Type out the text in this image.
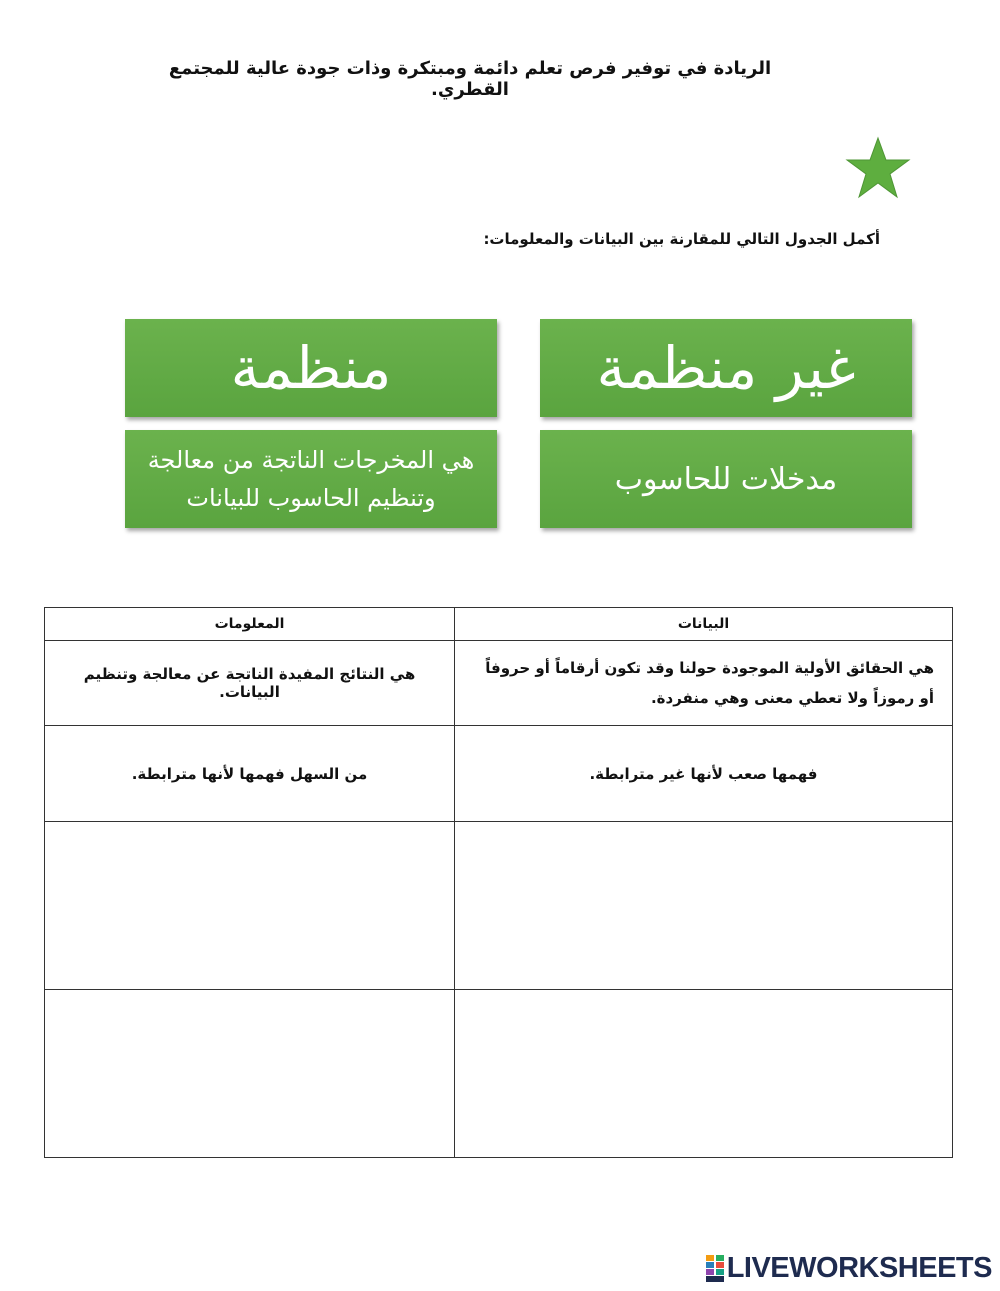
الريادة في توفير فرص تعلم دائمة ومبتكرة وذات جودة عالية للمجتمع القطري.
أكمل الجدول التالي للمقارنة بين البيانات والمعلومات:
غير منظمة
منظمة
مدخلات للحاسوب
هي المخرجات الناتجة من معالجة وتنظيم الحاسوب للبيانات
البيانات	المعلومات
هي الحقائق الأولية الموجودة حولنا وقد تكون أرقاماً أو حروفاً أو رموزاً ولا تعطي معنى وهي منفردة.	هي النتائج المفيدة الناتجة عن معالجة وتنظيم البيانات.
فهمها صعب لأنها غير مترابطة.	من السهل فهمها لأنها مترابطة.

LIVEWORKSHEETS
